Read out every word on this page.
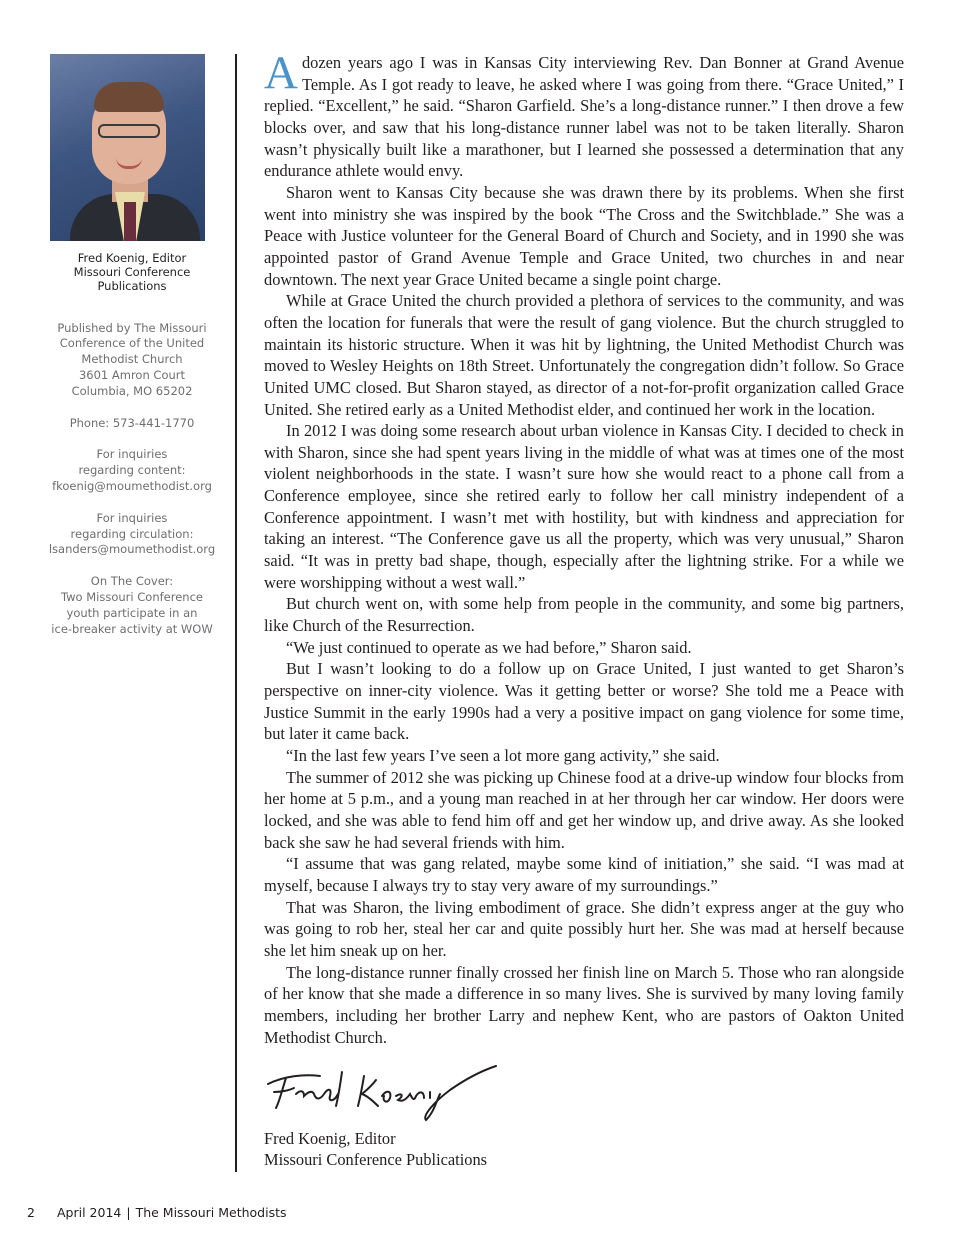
Fred Koenig, Editor
Missouri Conference
Publications
Published by The Missouri
Conference of the United
Methodist Church
3601 Amron Court
Columbia, MO 65202
Phone: 573-441-1770
For inquiries
regarding content:
fkoenig@moumethodist.org
For inquiries
regarding circulation:
lsanders@moumethodist.org
On The Cover:
Two Missouri Conference
youth participate in an
ice-breaker activity at WOW

Adozen years ago I was in Kansas City interviewing Rev. Dan Bonner at Grand Avenue Temple. As I got ready to leave, he asked where I was going from there. “Grace United,” I replied. “Excellent,” he said. “Sharon Garfield. She’s a long-distance runner.” I then drove a few blocks over, and saw that his long-distance runner label was not to be taken literally. Sharon wasn’t physically built like a marathoner, but I learned she possessed a determination that any endurance athlete would envy.

Sharon went to Kansas City because she was drawn there by its problems. When she first went into ministry she was inspired by the book “The Cross and the Switchblade.” She was a Peace with Justice volunteer for the General Board of Church and Society, and in 1990 she was appointed pastor of Grand Avenue Temple and Grace United, two churches in and near downtown. The next year Grace United became a single point charge.

While at Grace United the church provided a plethora of services to the community, and was often the location for funerals that were the result of gang violence. But the church struggled to maintain its historic structure. When it was hit by lightning, the United Methodist Church was moved to Wesley Heights on 18th Street. Unfortunately the congregation didn’t follow. So Grace United UMC closed. But Sharon stayed, as director of a not-for-profit organization called Grace United. She retired early as a United Methodist elder, and continued her work in the location.

In 2012 I was doing some research about urban violence in Kansas City. I decided to check in with Sharon, since she had spent years living in the middle of what was at times one of the most violent neighborhoods in the state. I wasn’t sure how she would react to a phone call from a Conference employee, since she retired early to follow her call ministry independent of a Conference appointment. I wasn’t met with hostility, but with kindness and appreciation for taking an interest. “The Conference gave us all the property, which was very unusual,” Sharon said. “It was in pretty bad shape, though, especially after the lightning strike. For a while we were worshipping without a west wall.”

But church went on, with some help from people in the community, and some big partners, like Church of the Resurrection.

“We just continued to operate as we had before,” Sharon said.

But I wasn’t looking to do a follow up on Grace United, I just wanted to get Sharon’s perspective on inner-city violence. Was it getting better or worse? She told me a Peace with Justice Summit in the early 1990s had a very a positive impact on gang violence for some time, but later it came back.

“In the last few years I’ve seen a lot more gang activity,” she said.

The summer of 2012 she was picking up Chinese food at a drive-up window four blocks from her home at 5 p.m., and a young man reached in at her through her car window. Her doors were locked, and she was able to fend him off and get her window up, and drive away. As she looked back she saw he had several friends with him.

“I assume that was gang related, maybe some kind of initiation,” she said. “I was mad at myself, because I always try to stay very aware of my surroundings.”

That was Sharon, the living embodiment of grace. She didn’t express anger at the guy who was going to rob her, steal her car and quite possibly hurt her. She was mad at herself because she let him sneak up on her.

The long-distance runner finally crossed her finish line on March 5. Those who ran alongside of her know that she made a difference in so many lives. She is survived by many loving family members, including her brother Larry and nephew Kent, who are pastors of Oakton United Methodist Church.

Fred Koenig, Editor
Missouri Conference Publications
2 April 2014 | The Missouri Methodists
